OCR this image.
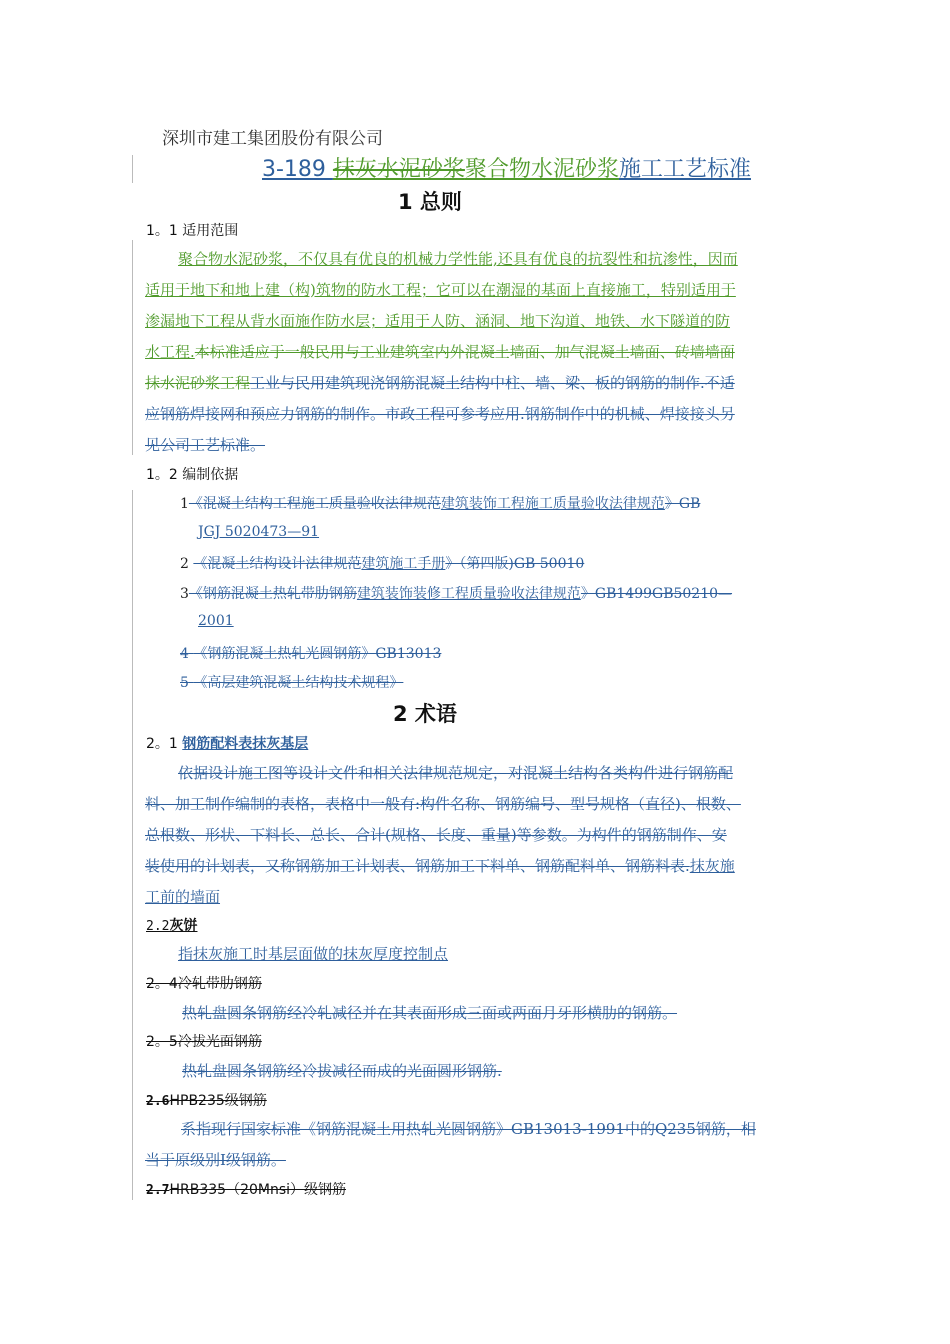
深圳市建工集团股份有限公司
3-189 抹灰水泥砂浆聚合物水泥砂浆施工工艺标准
1 总则
1。1 适用范围
聚合物水泥砂浆，不仅具有优良的机械力学性能,还具有优良的抗裂性和抗渗性，因而
适用于地下和地上建（构)筑物的防水工程；它可以在潮湿的基面上直接施工，特别适用于
渗漏地下工程从背水面施作防水层；适用于人防、涵洞、地下沟道、地铁、水下隧道的防
水工程.本标准适应于一般民用与工业建筑室内外混凝土墙面、加气混凝土墙面、砖墙墙面
抹水泥砂浆工程工业与民用建筑现浇钢筋混凝土结构中柱、墙、梁、板的钢筋的制作.不适
应钢筋焊接网和预应力钢筋的制作。市政工程可参考应用.钢筋制作中的机械、焊接接头另
见公司工艺标准。
1。2 编制依据
1《混凝土结构工程施工质量验收法律规范建筑装饰工程施工质量验收法律规范》GB
JGJ 5020473—91
2 《混凝土结构设计法律规范建筑施工手册》（第四版)GB 50010
3《钢筋混凝土热轧带肋钢筋建筑装饰装修工程质量验收法律规范》GB1499GB50210—
2001
4 《钢筋混凝土热轧光圆钢筋》GB13013
5 《高层建筑混凝土结构技术规程》
2 术语
2。1 钢筋配料表抹灰基层
依据设计施工图等设计文件和相关法律规范规定，对混凝土结构各类构件进行钢筋配
料、加工制作编制的表格，表格中一般有:构件名称、钢筋编号、型号规格（直径)、根数、
总根数、形状、下料长、总长、合计(规格、长度、重量)等参数。为构件的钢筋制作、安
装使用的计划表，又称钢筋加工计划表、钢筋加工下料单、钢筋配料单、钢筋料表.抹灰施
工前的墙面
2.2灰饼
指抹灰施工时基层面做的抹灰厚度控制点
2。4冷轧带肋钢筋
热轧盘圆条钢筋经冷轧减径并在其表面形成三面或两面月牙形横肋的钢筋。
2。5冷拔光面钢筋
热轧盘圆条钢筋经冷拔减径而成的光面圆形钢筋.
2.6HPB235级钢筋
系指现行国家标准《钢筋混凝土用热轧光圆钢筋》GB13013-1991中的Q235钢筋，相
当于原级别Ⅰ级钢筋。
2.7HRB335（20Mnsi）级钢筋
